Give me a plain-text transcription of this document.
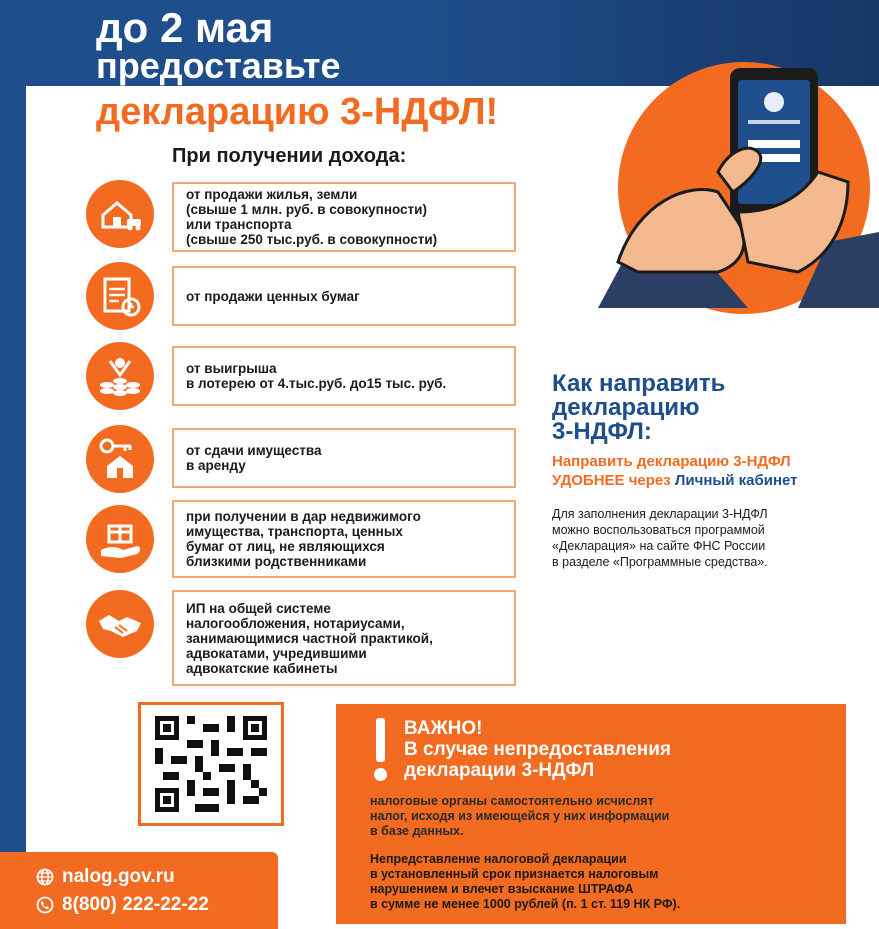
до 2 мая
предоставьте
декларацию 3-НДФЛ!
При получении дохода:
от продажи жилья, земли
(свыше 1 млн. руб. в совокупности)
или транспорта
(свыше 250 тыс.руб. в совокупности)
от продажи ценных бумаг
от выигрыша
в лотерею от 4.тыс.руб. до15 тыс. руб.
от сдачи имущества
в аренду
при получении в дар недвижимого
имущества, транспорта, ценных
бумаг от лиц, не являющихся
близкими родственниками
ИП на общей системе
налогообложения, нотариусами,
занимающимися частной практикой,
адвокатами, учредившими
адвокатские кабинеты
Как направить
декларацию
3-НДФЛ:
Направить декларацию 3-НДФЛ
УДОБНЕЕ через Личный кабинет
Для заполнения декларации 3-НДФЛ
можно воспользоваться программой
«Декларация» на сайте ФНС России
в разделе «Программные средства».
ВАЖНО!
В случае непредоставления
декларации 3-НДФЛ
налоговые органы самостоятельно исчислят
налог, исходя из имеющейся у них информации
в базе данных.
Непредставление налоговой декларации
в установленный срок признается налоговым
нарушением и влечет взыскание ШТРАФА
в сумме не менее 1000 рублей (п. 1 ст. 119 НК РФ).
nalog.gov.ru
8(800) 222-22-22
